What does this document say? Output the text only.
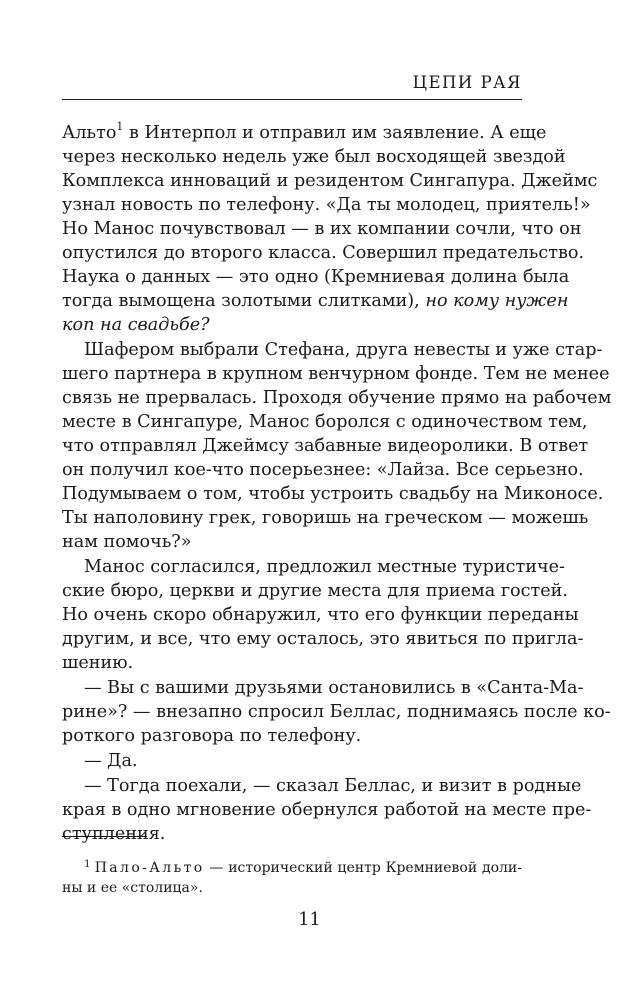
ЦЕПИ РАЯ
Альто$^1$ в Интерпол и отправил им заявление. А еще
через несколько недель уже был восходящей звездой
Комплекса инноваций и резидентом Сингапура. Джеймс
узнал новость по телефону. «Да ты молодец, приятель!»
Но Манос почувствовал — в их компании сочли, что он
опустился до второго класса. Совершил предательство.
Наука о данных — это одно (Кремниевая долина была
тогда вымощена золотыми слитками), но кому нужен
коп на свадьбе?
Шафером выбрали Стефана, друга невесты и уже стар-
шего партнера в крупном венчурном фонде. Тем не менее
связь не прервалась. Проходя обучение прямо на рабочем
месте в Сингапуре, Манос боролся с одиночеством тем,
что отправлял Джеймсу забавные видеоролики. В ответ
он получил кое-что посерьезнее: «Лайза. Все серьезно.
Подумываем о том, чтобы устроить свадьбу на Миконосе.
Ты наполовину грек, говоришь на греческом — можешь
нам помочь?»
Манос согласился, предложил местные туристиче-
ские бюро, церкви и другие места для приема гостей.
Но очень скоро обнаружил, что его функции переданы
другим, и все, что ему осталось, это явиться по пригла-
шению.
— Вы с вашими друзьями остановились в «Санта-Ма-
рине»? — внезапно спросил Беллас, поднимаясь после ко-
роткого разговора по телефону.
— Да.
— Тогда поехали, — сказал Беллас, и визит в родные
края в одно мгновение обернулся работой на месте пре-
ступления.
$^1$ Пало-Альто — исторический центр Кремниевой доли-
ны и ее «столица».

11
